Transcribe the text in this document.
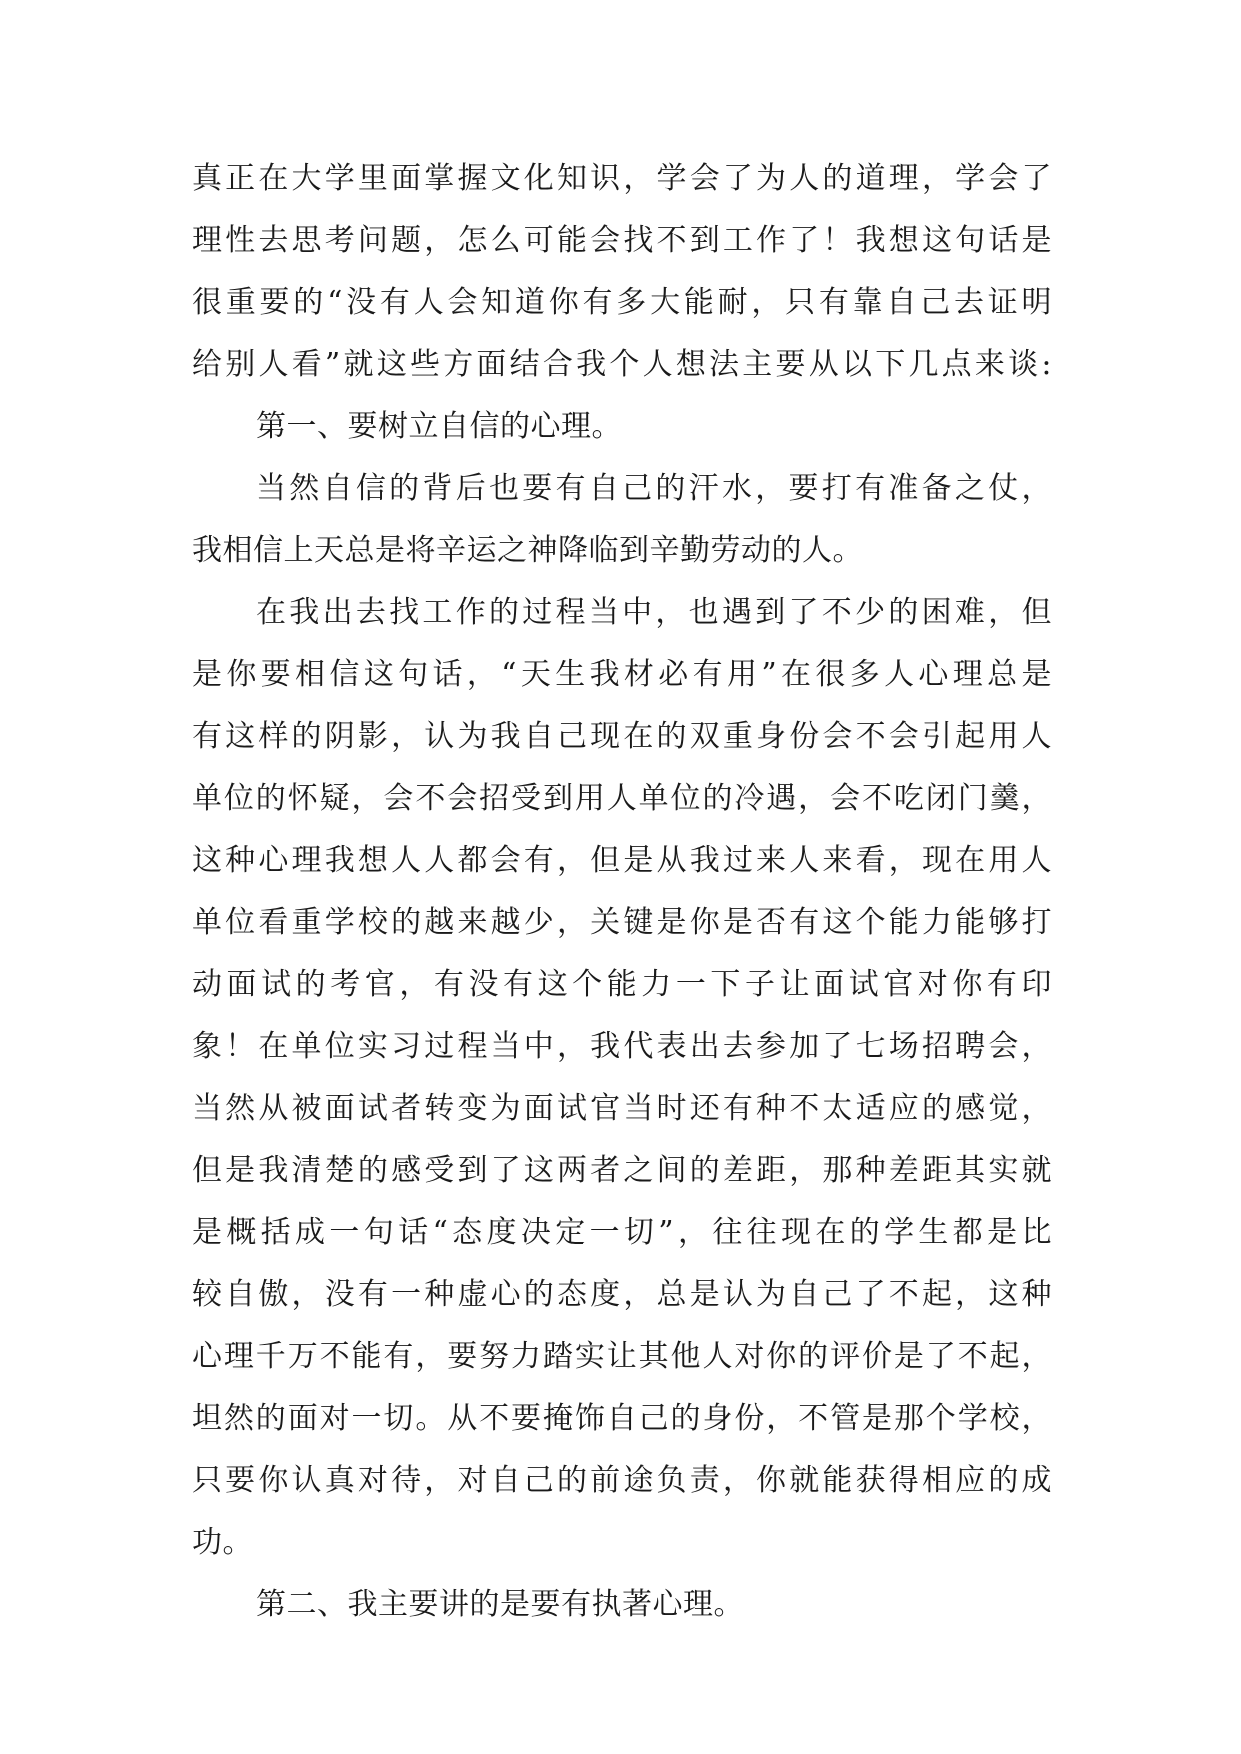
真正在大学里面掌握文化知识，学会了为人的道理，学会了
理性去思考问题，怎么可能会找不到工作了！我想这句话是
很重要的“没有人会知道你有多大能耐，只有靠自己去证明
给别人看”就这些方面结合我个人想法主要从以下几点来谈:
第一、要树立自信的心理。
当然自信的背后也要有自己的汗水，要打有准备之仗，
我相信上天总是将辛运之神降临到辛勤劳动的人。
在我出去找工作的过程当中，也遇到了不少的困难，但
是你要相信这句话，“天生我材必有用”在很多人心理总是
有这样的阴影，认为我自己现在的双重身份会不会引起用人
单位的怀疑，会不会招受到用人单位的冷遇，会不吃闭门羹，
这种心理我想人人都会有，但是从我过来人来看，现在用人
单位看重学校的越来越少，关键是你是否有这个能力能够打
动面试的考官，有没有这个能力一下子让面试官对你有印
象！在单位实习过程当中，我代表出去参加了七场招聘会，
当然从被面试者转变为面试官当时还有种不太适应的感觉，
但是我清楚的感受到了这两者之间的差距，那种差距其实就
是概括成一句话“态度决定一切”，往往现在的学生都是比
较自傲，没有一种虚心的态度，总是认为自己了不起，这种
心理千万不能有，要努力踏实让其他人对你的评价是了不起，
坦然的面对一切。从不要掩饰自己的身份，不管是那个学校，
只要你认真对待，对自己的前途负责，你就能获得相应的成
功。
第二、我主要讲的是要有执著心理。
